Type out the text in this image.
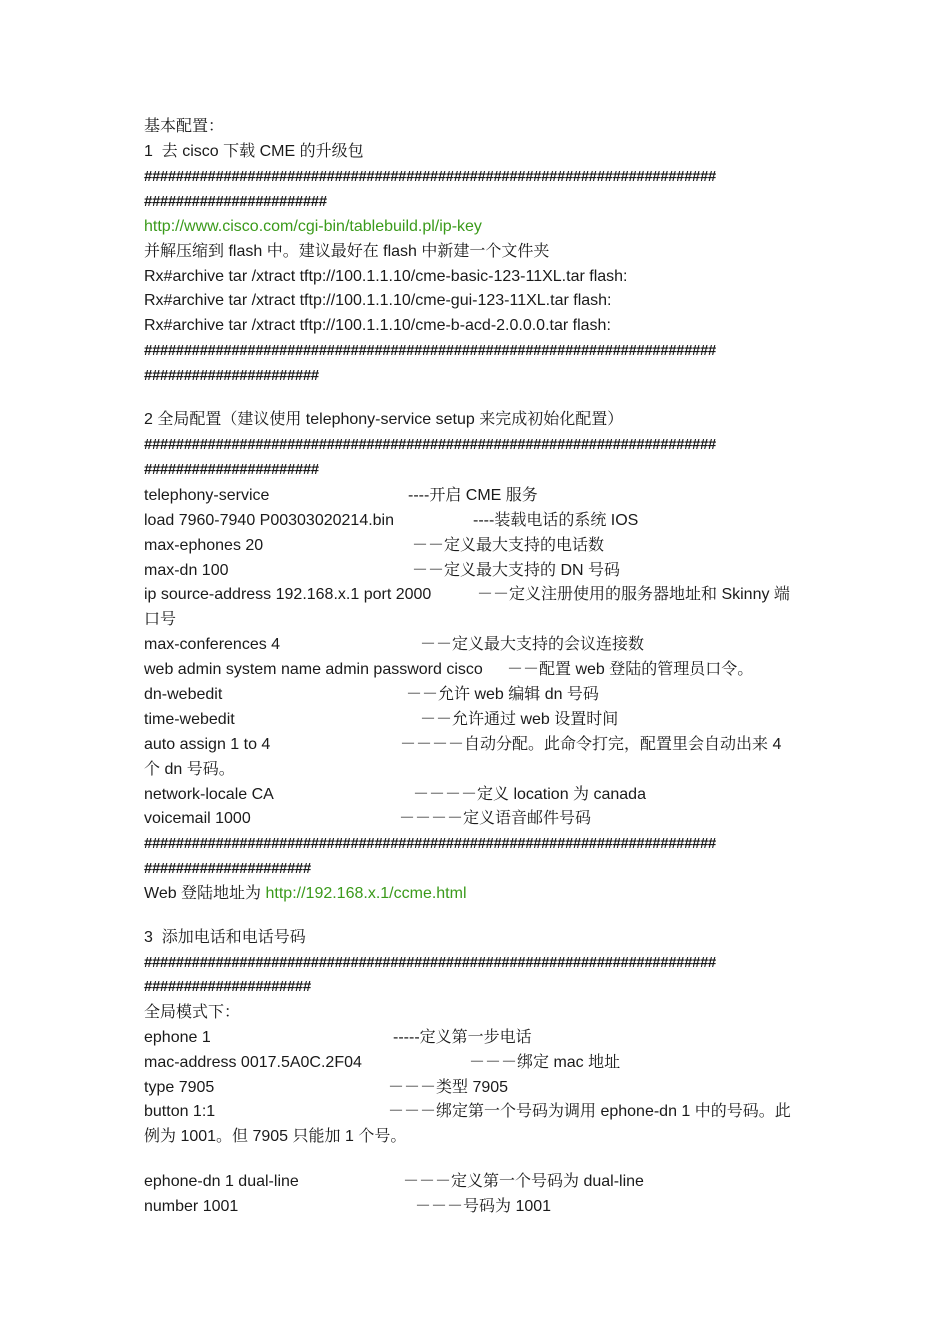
基本配置：
1  去 cisco 下载 CME 的升级包
########################################################################
#######################
http://www.cisco.com/cgi-bin/tablebuild.pl/ip-key
并解压缩到 flash 中。建议最好在 flash 中新建一个文件夹
Rx#archive tar /xtract tftp://100.1.1.10/cme-basic-123-11XL.tar flash:
Rx#archive tar /xtract tftp://100.1.1.10/cme-gui-123-11XL.tar flash:
Rx#archive tar /xtract tftp://100.1.1.10/cme-b-acd-2.0.0.0.tar flash:
########################################################################
######################
2 全局配置（建议使用 telephony-service setup 来完成初始化配置）
########################################################################
######################
telephony-service	----开启 CME 服务
load 7960-7940 P00303020214.bin	----装载电话的系统 IOS
max-ephones 20	－－定义最大支持的电话数
max-dn 100	－－定义最大支持的 DN 号码
ip source-address 192.168.x.1 port 2000	－－定义注册使用的服务器地址和 Skinny 端
口号
max-conferences 4	－－定义最大支持的会议连接数
web admin system name admin password cisco －－配置 web 登陆的管理员口令。
dn-webedit	－－允许 web 编辑 dn 号码
time-webedit	－－允许通过 web 设置时间
auto assign 1 to 4	－－－－自动分配。此命令打完，配置里会自动出来 4
个 dn 号码。
network-locale CA	－－－－定义 location 为 canada
voicemail 1000	－－－－定义语音邮件号码
########################################################################
#####################
Web 登陆地址为 http://192.168.x.1/ccme.html
3  添加电话和电话号码
########################################################################
#####################
全局模式下：
ephone 1	-----定义第一步电话
mac-address 0017.5A0C.2F04	－－－绑定 mac 地址
type 7905	－－－类型 7905
button 1:1	－－－绑定第一个号码为调用 ephone-dn 1 中的号码。此
例为 1001。但 7905 只能加 1 个号。
ephone-dn 1 dual-line	－－－定义第一个号码为 dual-line
number 1001	－－－号码为 1001
